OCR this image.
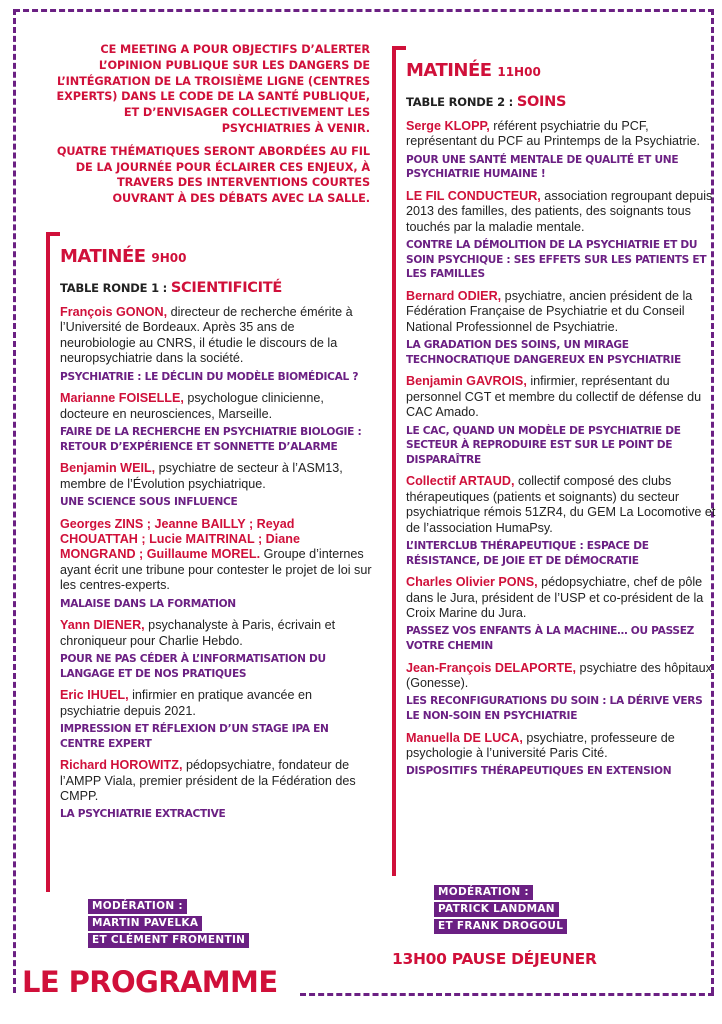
CE MEETING A POUR OBJECTIFS D’ALERTER L’OPINION PUBLIQUE SUR LES DANGERS DE L’INTÉGRATION DE LA TROISIÈME LIGNE (CENTRES EXPERTS) DANS LE CODE DE LA SANTÉ PUBLIQUE, ET D’ENVISAGER COLLECTIVEMENT LES PSYCHIATRIES À VENIR.

QUATRE THÉMATIQUES SERONT ABORDÉES AU FIL DE LA JOURNÉE POUR ÉCLAIRER CES ENJEUX, À TRAVERS DES INTERVENTIONS COURTES OUVRANT À DES DÉBATS AVEC LA SALLE.

MATINÉE 9H00
TABLE RONDE 1 : SCIENTIFICITÉ

François GONON, directeur de recherche émérite à l’Université de Bordeaux. Après 35 ans de neurobiologie au CNRS, il étudie le discours de la neuropsychiatrie dans la société.

PSYCHIATRIE : LE DÉCLIN DU MODÈLE BIOMÉDICAL ?

Marianne FOISELLE, psychologue clinicienne, docteure en neurosciences, Marseille.

FAIRE DE LA RECHERCHE EN PSYCHIATRIE BIOLOGIE : RETOUR D’EXPÉRIENCE ET SONNETTE D’ALARME

Benjamin WEIL, psychiatre de secteur à l’ASM13, membre de l’Évolution psychiatrique.

UNE SCIENCE SOUS INFLUENCE

Georges ZINS ; Jeanne BAILLY ; Reyad CHOUATTAH ; Lucie MAITRINAL ; Diane MONGRAND ; Guillaume MOREL. Groupe d’internes ayant écrit une tribune pour contester le projet de loi sur les centres-experts.

MALAISE DANS LA FORMATION

Yann DIENER, psychanalyste à Paris, écrivain et chroniqueur pour Charlie Hebdo.

POUR NE PAS CÉDER À L’INFORMATISATION DU LANGAGE ET DE NOS PRATIQUES

Eric IHUEL, infirmier en pratique avancée en psychiatrie depuis 2021.

IMPRESSION ET RÉFLEXION D’UN STAGE IPA EN CENTRE EXPERT

Richard HOROWITZ, pédopsychiatre, fondateur de l’AMPP Viala, premier président de la Fédération des CMPP.

LA PSYCHIATRIE EXTRACTIVE
MODÉRATION :
MARTIN PAVELKA
ET CLÉMENT FROMENTIN
MATINÉE 11H00
TABLE RONDE 2 : SOINS

Serge KLOPP, référent psychiatrie du PCF, représentant du PCF au Printemps de la Psychiatrie.

POUR UNE SANTÉ MENTALE DE QUALITÉ ET UNE PSYCHIATRIE HUMAINE !

LE FIL CONDUCTEUR, association regroupant depuis 2013 des familles, des patients, des soignants tous touchés par la maladie mentale.

CONTRE LA DÉMOLITION DE LA PSYCHIATRIE ET DU SOIN PSYCHIQUE : SES EFFETS SUR LES PATIENTS ET LES FAMILLES

Bernard ODIER, psychiatre, ancien président de la Fédération Française de Psychiatrie et du Conseil National Professionnel de Psychiatrie.

LA GRADATION DES SOINS, UN MIRAGE TECHNOCRATIQUE DANGEREUX EN PSYCHIATRIE

Benjamin GAVROIS, infirmier, représentant du personnel CGT et membre du collectif de défense du CAC Amado.

LE CAC, QUAND UN MODÈLE DE PSYCHIATRIE DE SECTEUR À REPRODUIRE EST SUR LE POINT DE DISPARAÎTRE

Collectif ARTAUD, collectif composé des clubs thérapeutiques (patients et soignants) du secteur psychiatrique rémois 51ZR4, du GEM La Locomotive et de l’association HumaPsy.

L’INTERCLUB THÉRAPEUTIQUE : ESPACE DE RÉSISTANCE, DE JOIE ET DE DÉMOCRATIE

Charles Olivier PONS, pédopsychiatre, chef de pôle dans le Jura, président de l’USP et co-président de la Croix Marine du Jura.

PASSEZ VOS ENFANTS À LA MACHINE… OU PASSEZ VOTRE CHEMIN

Jean-François DELAPORTE, psychiatre des hôpitaux (Gonesse).

LES RECONFIGURATIONS DU SOIN : LA DÉRIVE VERS LE NON-SOIN EN PSYCHIATRIE

Manuella DE LUCA, psychiatre, professeure de psychologie à l’université Paris Cité.

DISPOSITIFS THÉRAPEUTIQUES EN EXTENSION
MODÉRATION :
PATRICK LANDMAN
ET FRANK DROGOUL
13H00 PAUSE DÉJEUNER
LE PROGRAMME
